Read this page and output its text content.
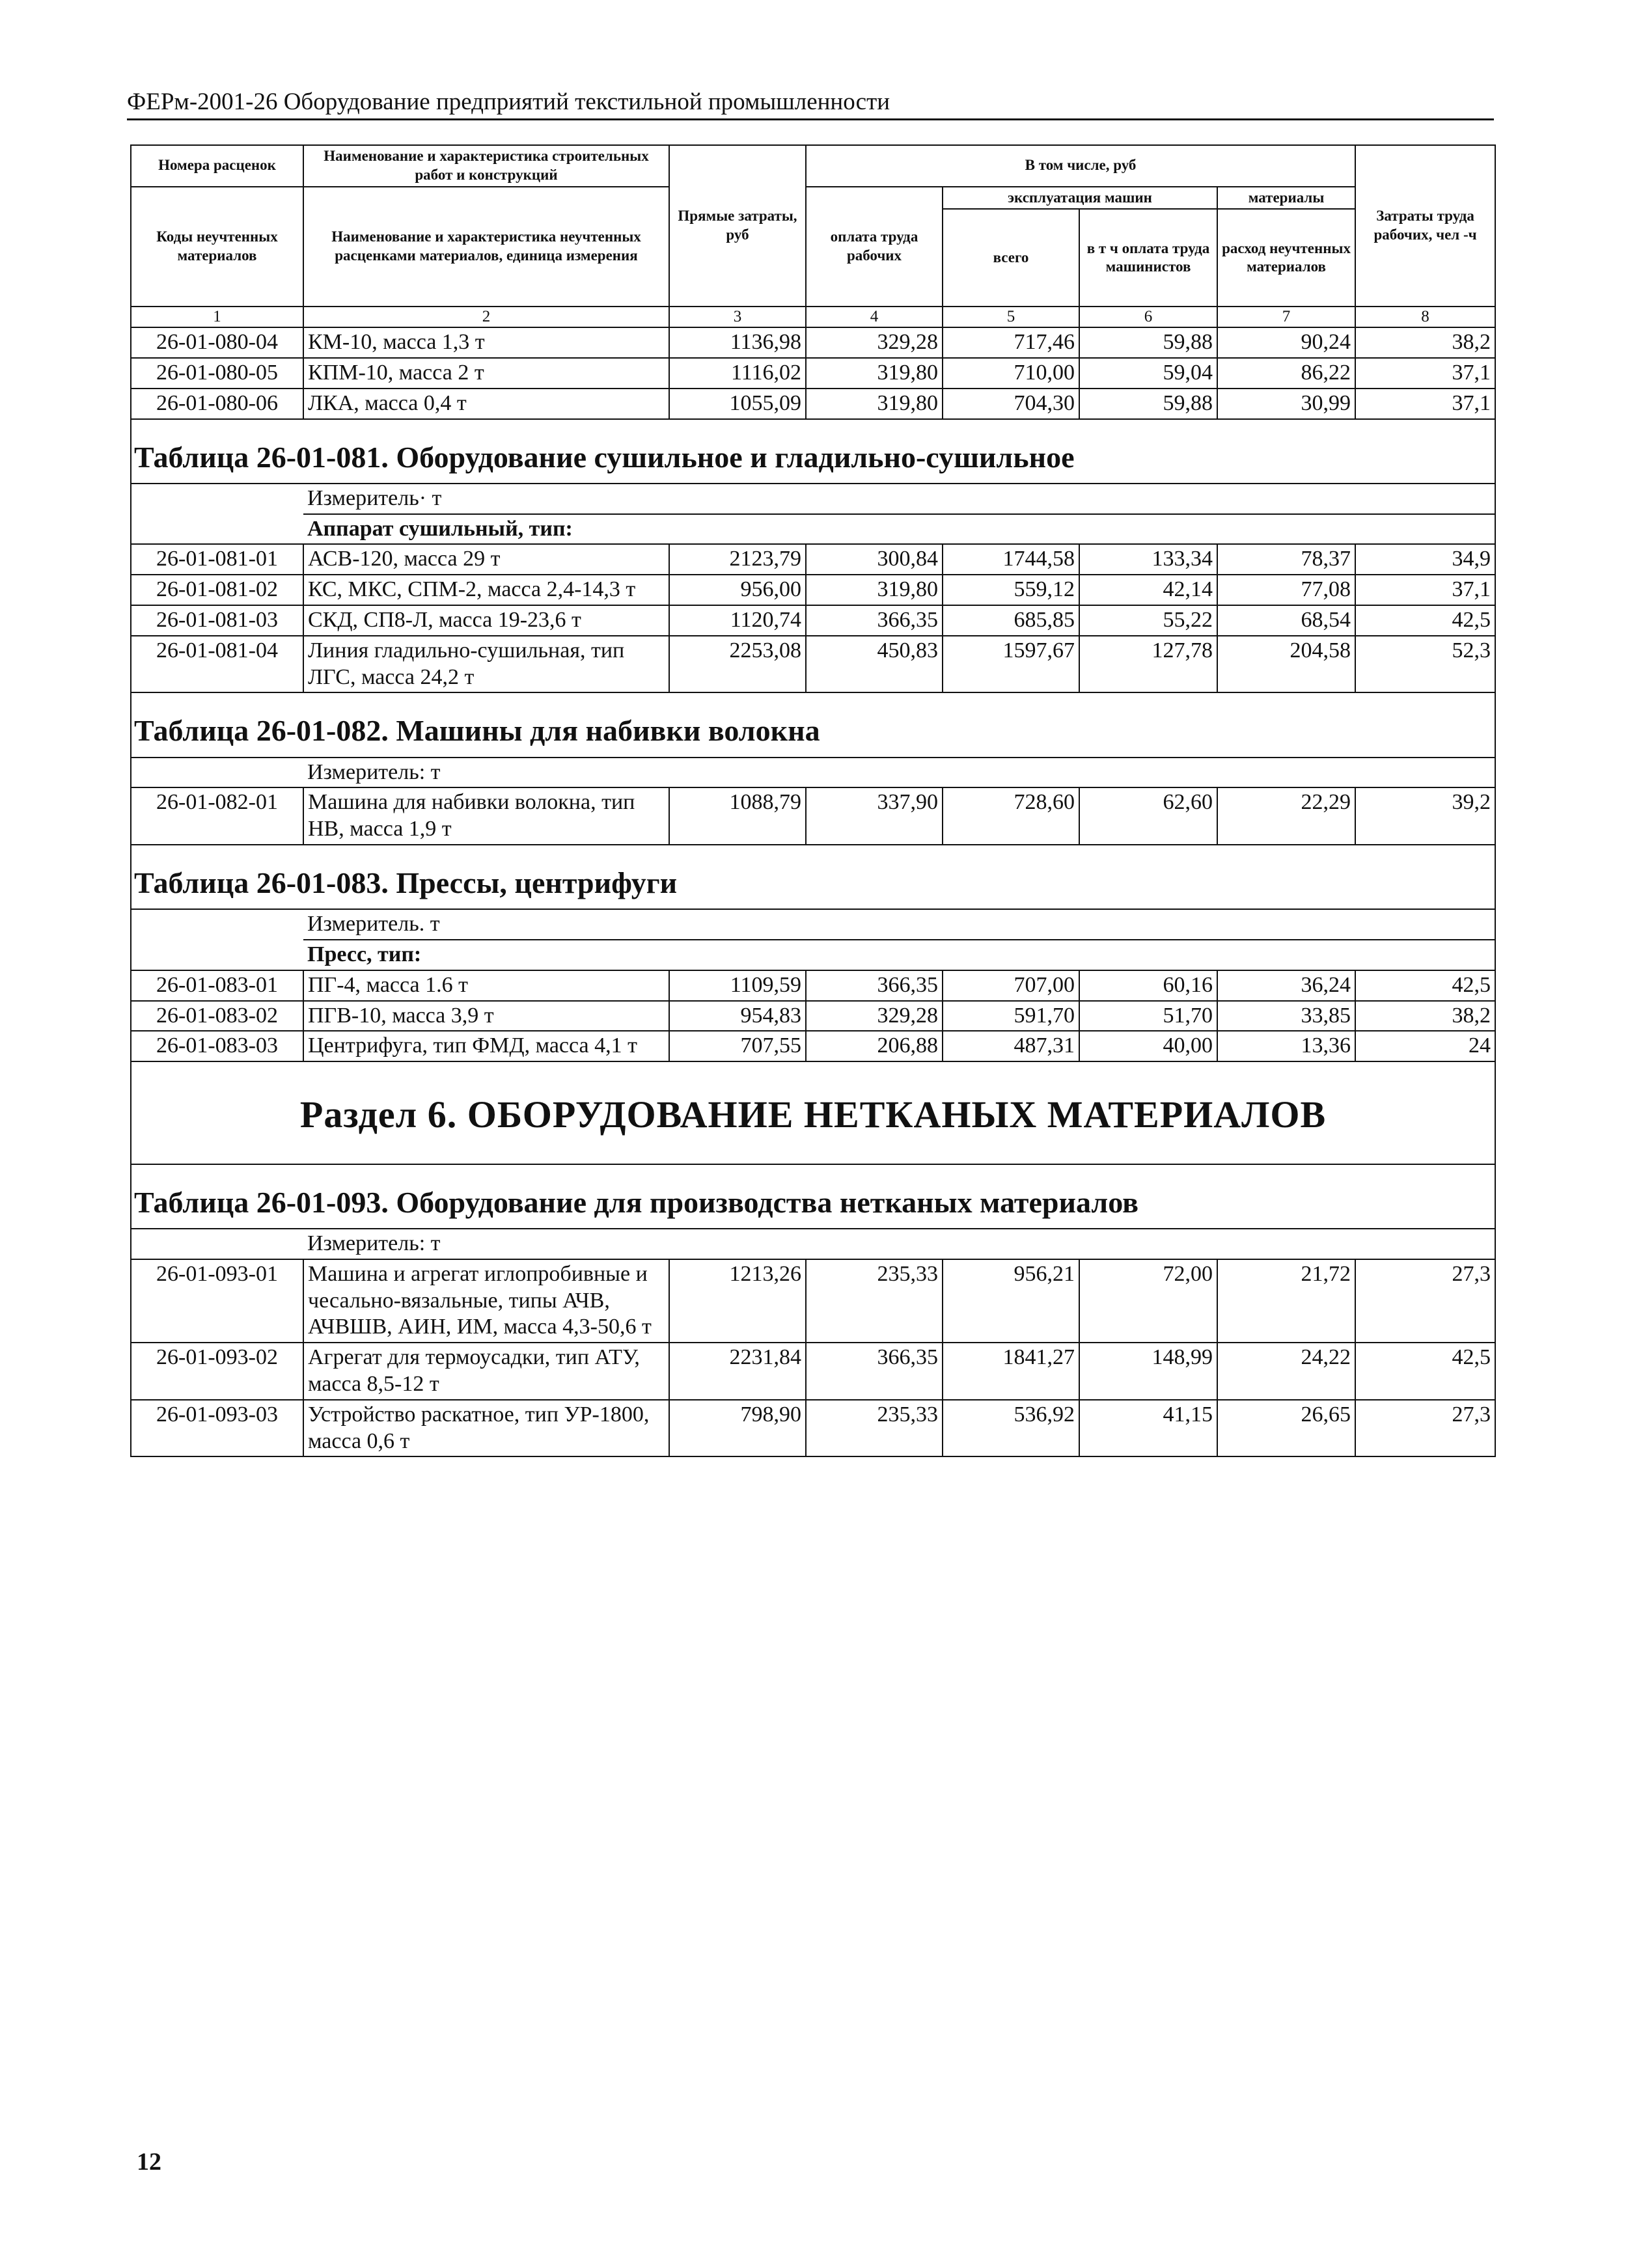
ФЕРм-2001-26 Оборудование предприятий текстильной промышленности
Номера расценок	Наименование и характеристика строительных работ и конструкций	Прямые затраты, руб	В том числе, руб				Затраты труда рабочих, чел -ч
Коды неучтенных материалов	Наименование и характеристика неучтенных расценками материалов, единица измерения		оплата труда рабочих	эксплуатация машин		материалы	
				всего	в т ч оплата труда машинистов	расход неучтенных материалов	
1	2	3	4	5	6	7	8
26-01-080-04	КМ-10, масса 1,3 т	1136,98	329,28	717,46	59,88	90,24	38,2
26-01-080-05	КПМ-10, масса 2 т	1116,02	319,80	710,00	59,04	86,22	37,1
26-01-080-06	ЛКА, масса 0,4 т	1055,09	319,80	704,30	59,88	30,99	37,1
Таблица 26-01-081. Оборудование сушильное и гладильно-сушильное							
	Измеритель· т						
	Аппарат сушильный, тип:						
26-01-081-01	АСВ-120, масса 29 т	2123,79	300,84	1744,58	133,34	78,37	34,9
26-01-081-02	КС, МКС, СПМ-2, масса 2,4-14,3 т	956,00	319,80	559,12	42,14	77,08	37,1
26-01-081-03	СКД, СП8-Л, масса 19-23,6 т	1120,74	366,35	685,85	55,22	68,54	42,5
26-01-081-04	Линия гладильно-сушильная, тип ЛГС, масса 24,2 т	2253,08	450,83	1597,67	127,78	204,58	52,3
Таблица 26-01-082. Машины для набивки волокна							
	Измеритель: т						
26-01-082-01	Машина для набивки волокна, тип НВ, масса 1,9 т	1088,79	337,90	728,60	62,60	22,29	39,2
Таблица 26-01-083. Прессы, центрифуги							
	Измеритель. т						
	Пресс, тип:						
26-01-083-01	ПГ-4, масса 1.6 т	1109,59	366,35	707,00	60,16	36,24	42,5
26-01-083-02	ПГВ-10, масса 3,9 т	954,83	329,28	591,70	51,70	33,85	38,2
26-01-083-03	Центрифуга, тип ФМД, масса 4,1 т	707,55	206,88	487,31	40,00	13,36	24
Раздел 6. ОБОРУДОВАНИЕ НЕТКАНЫХ МАТЕРИАЛОВ							
Таблица 26-01-093. Оборудование для производства нетканых материалов							
	Измеритель: т						
26-01-093-01	Машина и агрегат иглопробивные и чесально-вязальные, типы АЧВ, АЧВШВ, АИН, ИМ, масса 4,3-50,6 т	1213,26	235,33	956,21	72,00	21,72	27,3
26-01-093-02	Агрегат для термоусадки, тип АТУ, масса 8,5-12 т	2231,84	366,35	1841,27	148,99	24,22	42,5
26-01-093-03	Устройство раскатное, тип УР-1800, масса 0,6 т	798,90	235,33	536,92	41,15	26,65	27,3
12
